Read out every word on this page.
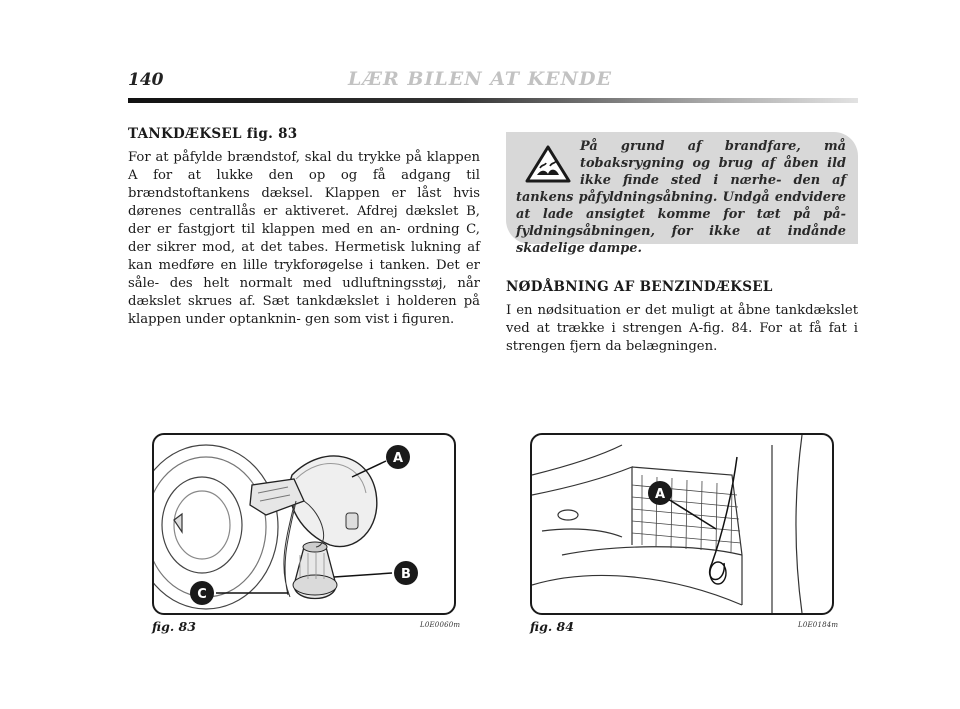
140	LÆR BILEN AT KENDE
TANKDÆKSEL fig. 83
For at påfylde brændstof, skal du trykke på klappen A for at lukke den op og få adgang til brændstoftankens dæksel. Klappen er låst hvis dørenes centrallås er aktiveret. Afdrej dækslet B, der er fastgjort til klappen med en an- ordning C, der sikrer mod, at det tabes. Hermetisk lukning af kan medføre en lille trykforøgelse i tanken. Det er såle- des helt normalt med udluftningsstøj, når dækslet skrues af. Sæt tankdækslet i holderen på klappen under optanknin- gen som vist i figuren.
På grund af brandfare, må tobaksrygning og brug af åben ild ikke finde sted i nærhe- den af tankens påfyldningsåbning. Undgå endvidere at lade ansigtet komme for tæt på på- fyldningsåbningen, for ikke at indånde skadelige dampe.
NØDÅBNING AF BENZINDÆKSEL
I en nødsituation er det muligt at åbne tankdækslet ved at trække i strengen A-fig. 84. For at få fat i strengen fjern da belægningen.
A
B
C
fig. 83	L0E0060m
A
fig. 84	L0E0184m
